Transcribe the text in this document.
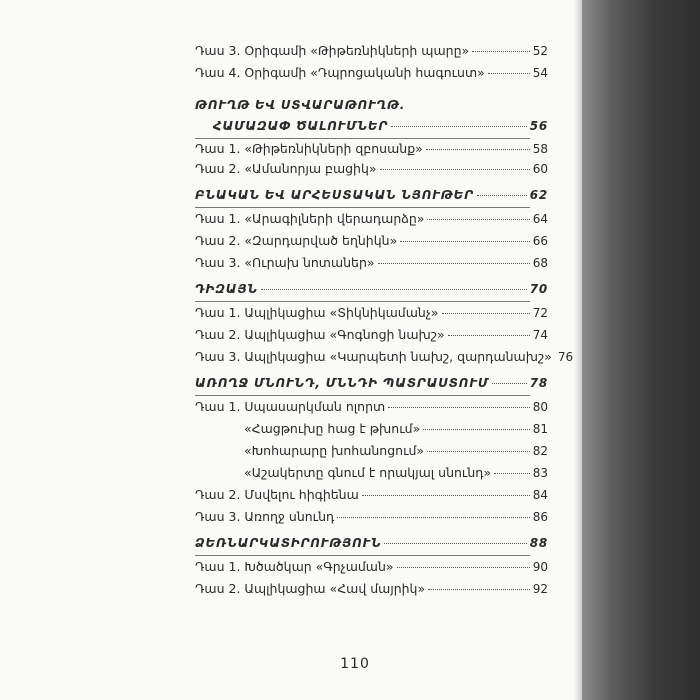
Դաս 3. Օրիգամի «Թիթեռնիկների պարը»	52
Դաս 4. Օրիգամի «Դպրոցականի հագուստ»	54
ԹՈՒՂԹ ԵՎ ՍՏՎԱՐԱԹՈՒՂԹ.
ՀԱՄԱԶԱՓ ԾԱԼՈՒՄՆԵՐ	56
Դաս 1. «Թիթեռնիկների զբոսանք»	58
Դաս 2. «Ամանորյա բացիկ»	60
ԲՆԱԿԱՆ ԵՎ ԱՐՀԵՍՏԱԿԱՆ ՆՅՈՒԹԵՐ	62
Դաս 1. «Արագիլների վերադարձը»	64
Դաս 2. «Զարդարված եղնիկն»	66
Դաս 3. «Ուրախ նոտաներ»	68
ԴԻԶԱՅՆ	70
Դաս 1. Ապլիկացիա «Տիկնիկամանչ»	72
Դաս 2. Ապլիկացիա «Գոգնոցի նախշ»	74
Դաս 3. Ապլիկացիա «Կարպետի նախշ, զարդանախշ» 76
ԱՌՈՂՋ ՄՆՈՒՆԴ, ՄՆՆԴԻ ՊԱՏՐԱՍՏՈՒՄ	78
Դաս 1. Սպասարկման ոլորտ	80
«Հացթուխը հաց է թխում»	81
«Խոհարարը խոհանոցում»	82
«Աշակերտը գնում է որակյալ սնունդ»	83
Դաս 2. Մսվելու hիգիենա	84
Դաս 3. Առողջ սնունդ	86
ՁԵՌՆԱՐԿԱՏԻՐՈՒԹՅՈՒՆ	88
Դաս 1. Խծածկար «Գրչաման»	90
Դաս 2. Ապլիկացիա «Հավ մայրիկ»	92
110
